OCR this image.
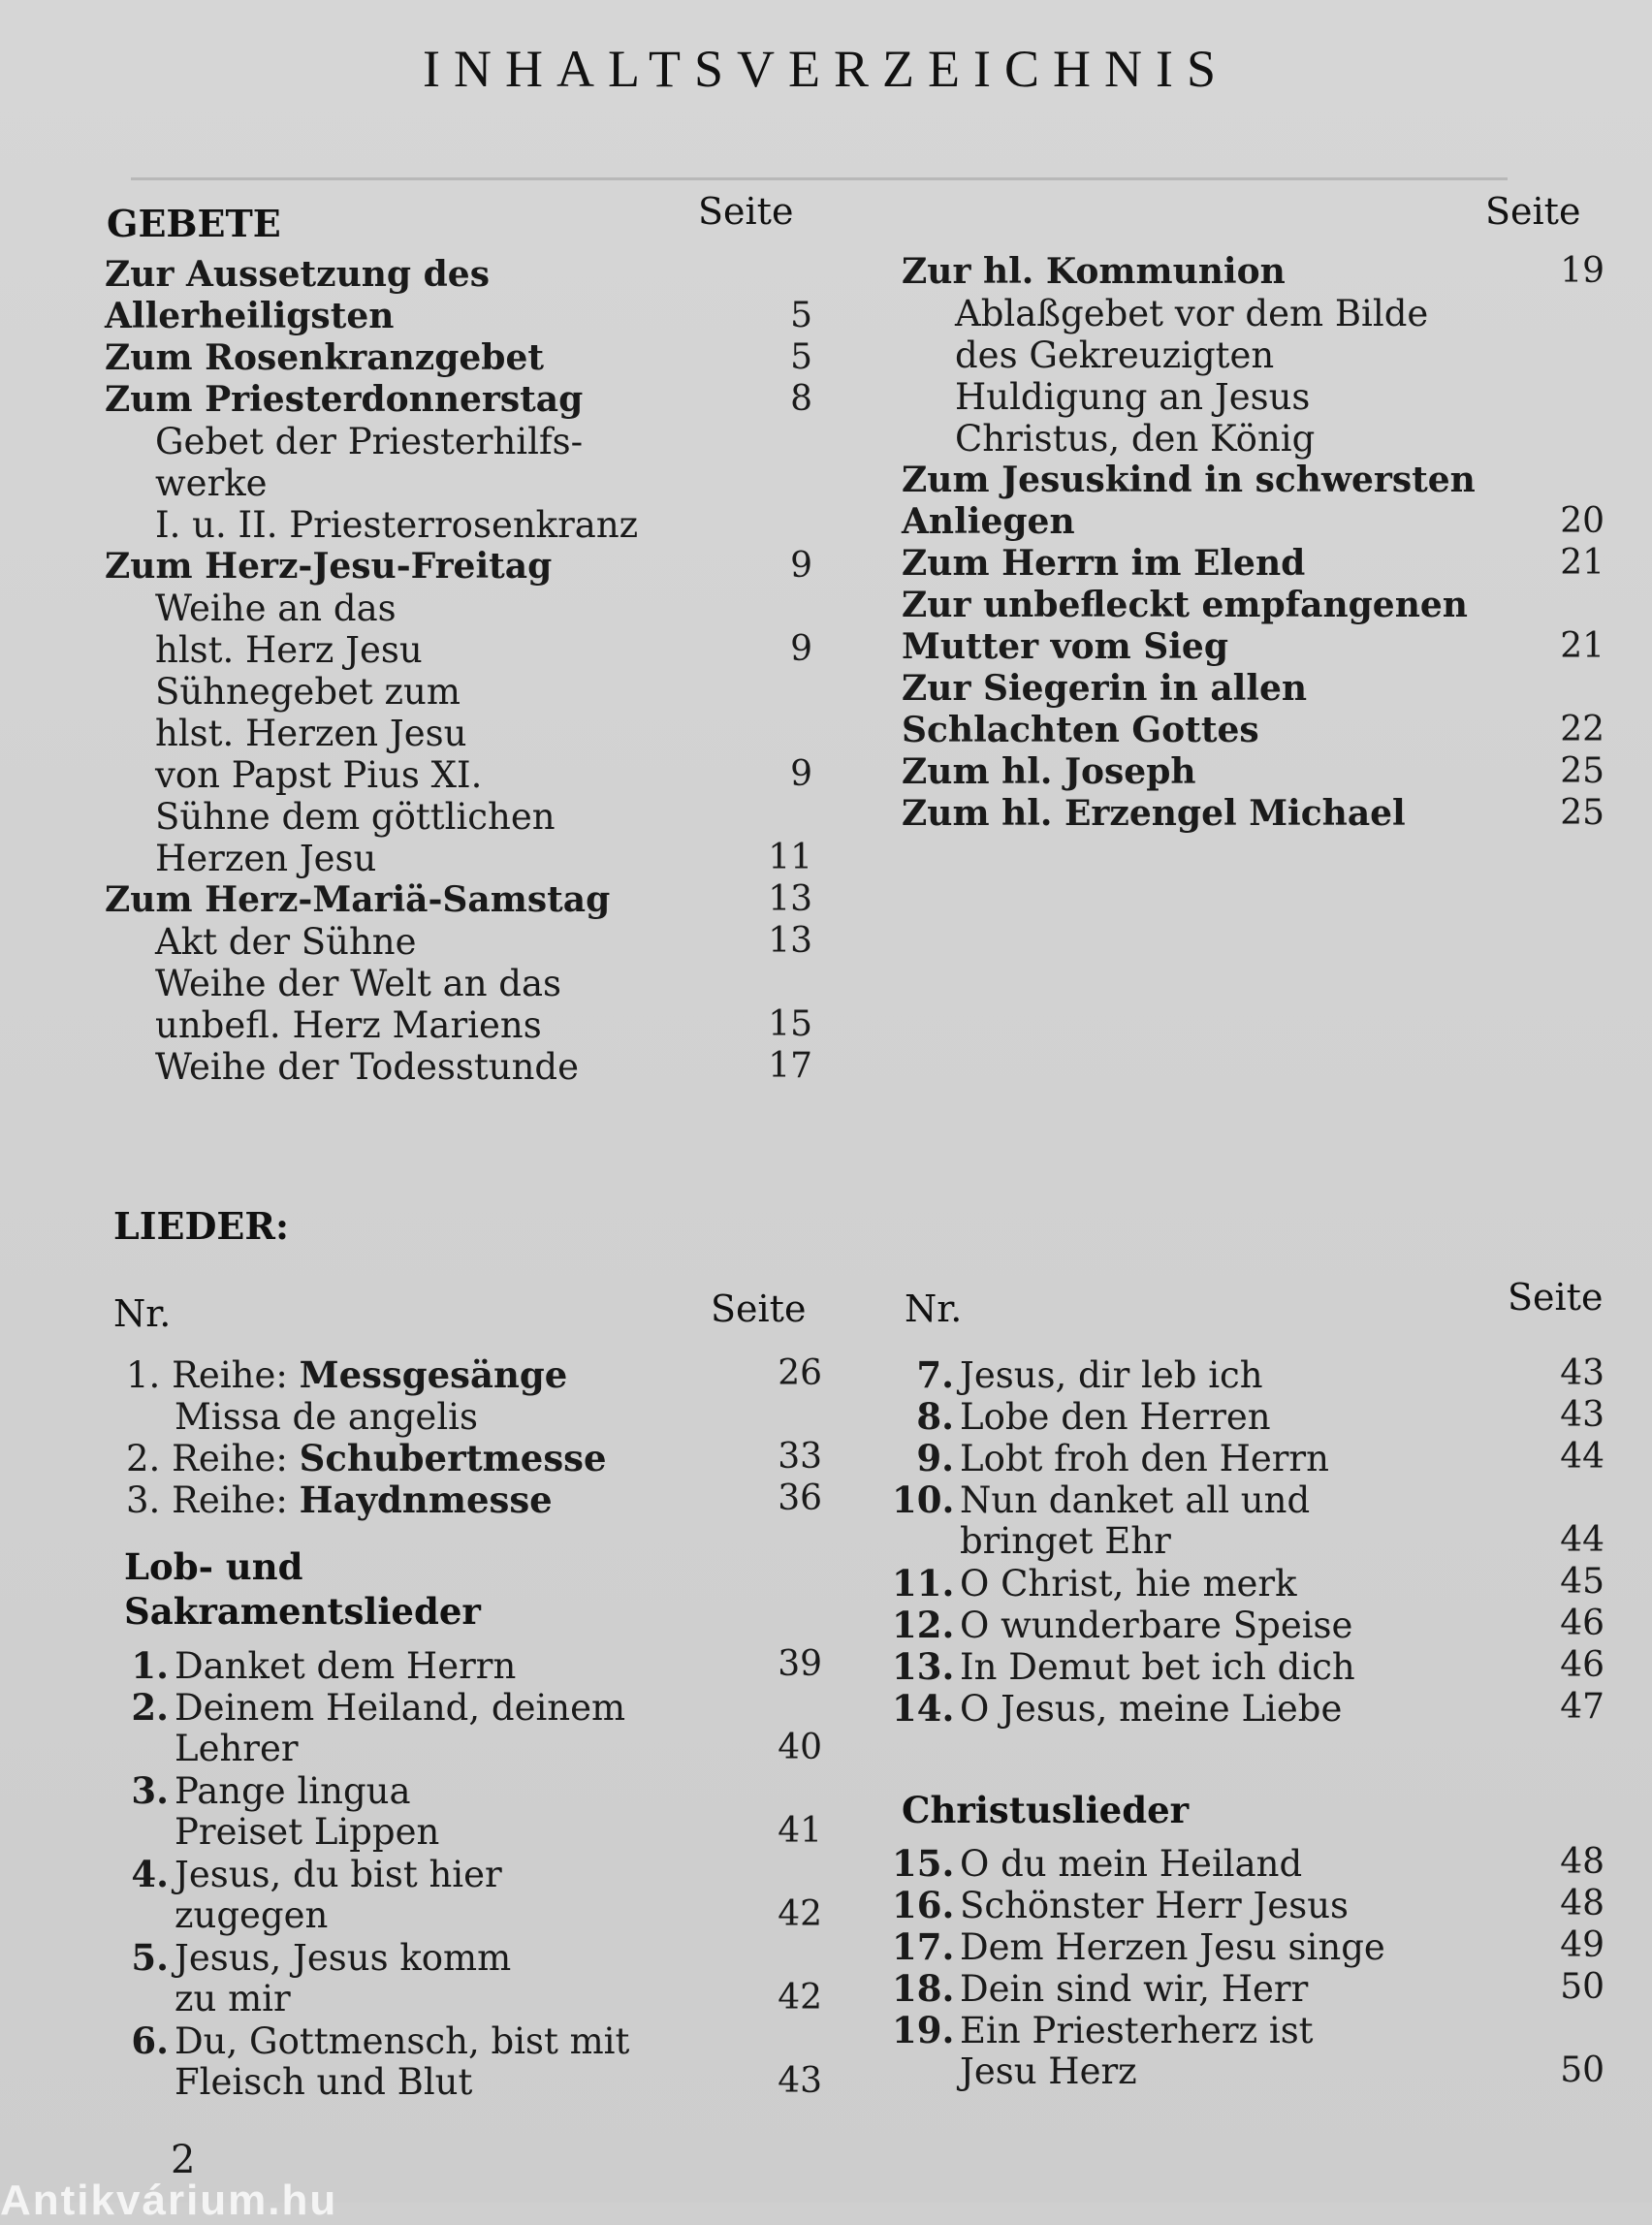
INHALTSVERZEICHNIS
GEBETE	Seite	Seite
Zur Aussetzung des
Allerheiligsten	5
Zum Rosenkranzgebet	5
Zum Priesterdonnerstag	8
Gebet der Priesterhilfs-
werke
I. u. II. Priesterrosenkranz
Zum Herz-Jesu-Freitag	9
Weihe an das
hlst. Herz Jesu	9
Sühnegebet zum
hlst. Herzen Jesu
von Papst Pius XI.	9
Sühne dem göttlichen
Herzen Jesu	11
Zum Herz-Mariä-Samstag	13
Akt der Sühne	13
Weihe der Welt an das
unbefl. Herz Mariens	15
Weihe der Todesstunde	17
Zur hl. Kommunion	19
Ablaßgebet vor dem Bilde
des Gekreuzigten
Huldigung an Jesus
Christus, den König
Zum Jesuskind in schwersten
Anliegen	20
Zum Herrn im Elend	21
Zur unbefleckt empfangenen
Mutter vom Sieg	21
Zur Siegerin in allen
Schlachten Gottes	22
Zum hl. Joseph	25
Zum hl. Erzengel Michael	25
LIEDER:
Nr.	Seite	Nr.	Seite
1. Reihe: Messgesänge	26
Missa de angelis
2. Reihe: Schubertmesse	33
3. Reihe: Haydnmesse	36
Lob- und
Sakramentslieder
1. Danket dem Herrn	39
2. Deinem Heiland, deinem
Lehrer	40
3. Pange lingua
Preiset Lippen	41
4. Jesus, du bist hier
zugegen	42
5. Jesus, Jesus komm
zu mir	42
6. Du, Gottmensch, bist mit
Fleisch und Blut	43
7. Jesus, dir leb ich	43
8. Lobe den Herren	43
9. Lobt froh den Herrn	44
10. Nun danket all und
bringet Ehr	44
11. O Christ, hie merk	45
12. O wunderbare Speise	46
13. In Demut bet ich dich	46
14. O Jesus, meine Liebe	47
Christuslieder
15. O du mein Heiland	48
16. Schönster Herr Jesus	48
17. Dem Herzen Jesu singe	49
18. Dein sind wir, Herr	50
19. Ein Priesterherz ist
Jesu Herz	50
2
Antikvárium.hu
